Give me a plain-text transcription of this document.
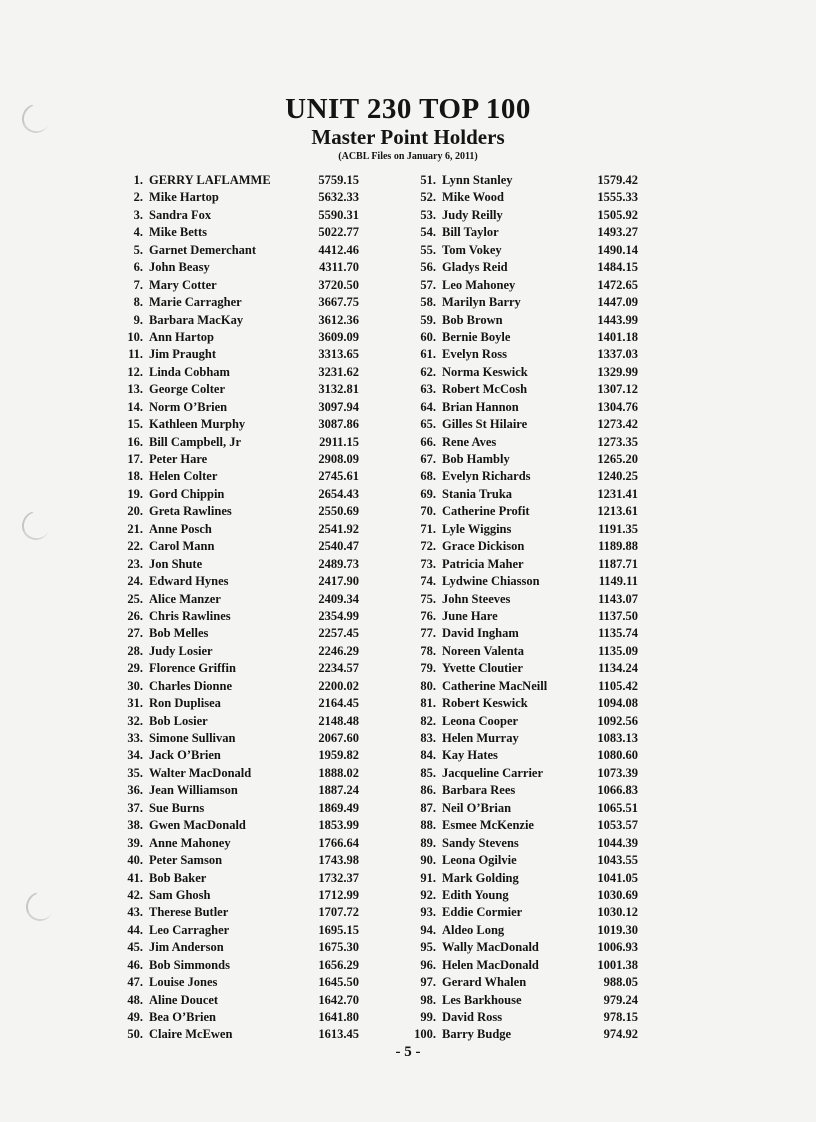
UNIT 230 TOP 100
Master Point Holders
(ACBL Files on January 6, 2011)
1. GERRY LAFLAMME	5759.15
2. Mike Hartop	5632.33
3. Sandra Fox	5590.31
4. Mike Betts	5022.77
5. Garnet Demerchant	4412.46
6. John Beasy	4311.70
7. Mary Cotter	3720.50
8. Marie Carragher	3667.75
9. Barbara MacKay	3612.36
10. Ann Hartop	3609.09
11. Jim Praught	3313.65
12. Linda Cobham	3231.62
13. George Colter	3132.81
14. Norm O’Brien	3097.94
15. Kathleen Murphy	3087.86
16. Bill Campbell, Jr	2911.15
17. Peter Hare	2908.09
18. Helen Colter	2745.61
19. Gord Chippin	2654.43
20. Greta Rawlines	2550.69
21. Anne Posch	2541.92
22. Carol Mann	2540.47
23. Jon Shute	2489.73
24. Edward Hynes	2417.90
25. Alice Manzer	2409.34
26. Chris Rawlines	2354.99
27. Bob Melles	2257.45
28. Judy Losier	2246.29
29. Florence Griffin	2234.57
30. Charles Dionne	2200.02
31. Ron Duplisea	2164.45
32. Bob Losier	2148.48
33. Simone Sullivan	2067.60
34. Jack O’Brien	1959.82
35. Walter MacDonald	1888.02
36. Jean Williamson	1887.24
37. Sue Burns	1869.49
38. Gwen MacDonald	1853.99
39. Anne Mahoney	1766.64
40. Peter Samson	1743.98
41. Bob Baker	1732.37
42. Sam Ghosh	1712.99
43. Therese Butler	1707.72
44. Leo Carragher	1695.15
45. Jim Anderson	1675.30
46. Bob Simmonds	1656.29
47. Louise Jones	1645.50
48. Aline Doucet	1642.70
49. Bea O’Brien	1641.80
50. Claire McEwen	1613.45
51. Lynn Stanley	1579.42
52. Mike Wood	1555.33
53. Judy Reilly	1505.92
54. Bill Taylor	1493.27
55. Tom Vokey	1490.14
56. Gladys Reid	1484.15
57. Leo Mahoney	1472.65
58. Marilyn Barry	1447.09
59. Bob Brown	1443.99
60. Bernie Boyle	1401.18
61. Evelyn Ross	1337.03
62. Norma Keswick	1329.99
63. Robert McCosh	1307.12
64. Brian Hannon	1304.76
65. Gilles St Hilaire	1273.42
66. Rene Aves	1273.35
67. Bob Hambly	1265.20
68. Evelyn Richards	1240.25
69. Stania Truka	1231.41
70. Catherine Profit	1213.61
71. Lyle Wiggins	1191.35
72. Grace Dickison	1189.88
73. Patricia Maher	1187.71
74. Lydwine Chiasson	1149.11
75. John Steeves	1143.07
76. June Hare	1137.50
77. David Ingham	1135.74
78. Noreen Valenta	1135.09
79. Yvette Cloutier	1134.24
80. Catherine MacNeill	1105.42
81. Robert Keswick	1094.08
82. Leona Cooper	1092.56
83. Helen Murray	1083.13
84. Kay Hates	1080.60
85. Jacqueline Carrier	1073.39
86. Barbara Rees	1066.83
87. Neil O’Brian	1065.51
88. Esmee McKenzie	1053.57
89. Sandy Stevens	1044.39
90. Leona Ogilvie	1043.55
91. Mark Golding	1041.05
92. Edith Young	1030.69
93. Eddie Cormier	1030.12
94. Aldeo Long	1019.30
95. Wally MacDonald	1006.93
96. Helen MacDonald	1001.38
97. Gerard Whalen	988.05
98. Les Barkhouse	979.24
99. David Ross	978.15
100. Barry Budge	974.92
- 5 -
